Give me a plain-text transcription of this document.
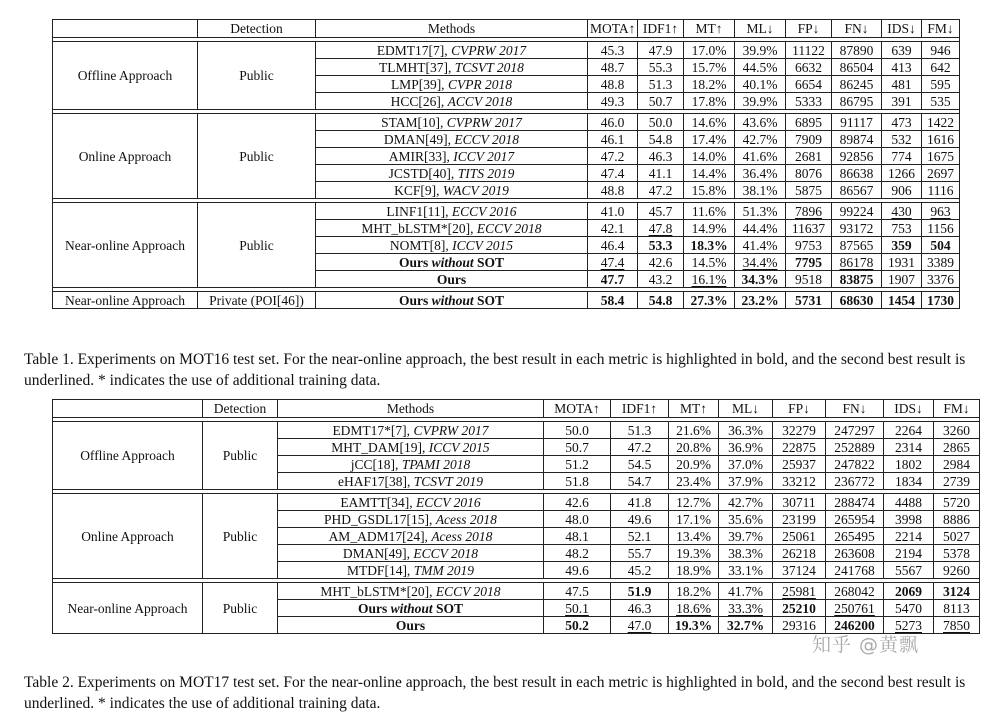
	Detection	Methods	MOTA↑	IDF1↑	MT↑	ML↓	FP↓	FN↓	IDS↓	FM↓

Offline Approach	Public	EDMT17[7], CVPRW 2017	45.3	47.9	17.0%	39.9%	11122	87890	639	946
		TLMHT[37], TCSVT 2018	48.7	55.3	15.7%	44.5%	6632	86504	413	642
		LMP[39], CVPR 2018	48.8	51.3	18.2%	40.1%	6654	86245	481	595
		HCC[26], ACCV 2018	49.3	50.7	17.8%	39.9%	5333	86795	391	535

Online Approach	Public	STAM[10], CVPRW 2017	46.0	50.0	14.6%	43.6%	6895	91117	473	1422
		DMAN[49], ECCV 2018	46.1	54.8	17.4%	42.7%	7909	89874	532	1616
		AMIR[33], ICCV 2017	47.2	46.3	14.0%	41.6%	2681	92856	774	1675
		JCSTD[40], TITS 2019	47.4	41.1	14.4%	36.4%	8076	86638	1266	2697
		KCF[9], WACV 2019	48.8	47.2	15.8%	38.1%	5875	86567	906	1116

Near-online Approach	Public	LINF1[11], ECCV 2016	41.0	45.7	11.6%	51.3%	7896	99224	430	963
		MHT_bLSTM*[20], ECCV 2018	42.1	47.8	14.9%	44.4%	11637	93172	753	1156
		NOMT[8], ICCV 2015	46.4	53.3	18.3%	41.4%	9753	87565	359	504
		Ours without SOT	47.4	42.6	14.5%	34.4%	7795	86178	1931	3389
		Ours	47.7	43.2	16.1%	34.3%	9518	83875	1907	3376

Near-online Approach	Private (POI[46])	Ours without SOT	58.4	54.8	27.3%	23.2%	5731	68630	1454	1730
	Detection	Methods	MOTA↑	IDF1↑	MT↑	ML↓	FP↓	FN↓	IDS↓	FM↓

Offline Approach	Public	EDMT17*[7], CVPRW 2017	50.0	51.3	21.6%	36.3%	32279	247297	2264	3260
		MHT_DAM[19], ICCV 2015	50.7	47.2	20.8%	36.9%	22875	252889	2314	2865
		jCC[18], TPAMI 2018	51.2	54.5	20.9%	37.0%	25937	247822	1802	2984
		eHAF17[38], TCSVT 2019	51.8	54.7	23.4%	37.9%	33212	236772	1834	2739

Online Approach	Public	EAMTT[34], ECCV 2016	42.6	41.8	12.7%	42.7%	30711	288474	4488	5720
		PHD_GSDL17[15], Acess 2018	48.0	49.6	17.1%	35.6%	23199	265954	3998	8886
		AM_ADM17[24], Acess 2018	48.1	52.1	13.4%	39.7%	25061	265495	2214	5027
		DMAN[49], ECCV 2018	48.2	55.7	19.3%	38.3%	26218	263608	2194	5378
		MTDF[14], TMM 2019	49.6	45.2	18.9%	33.1%	37124	241768	5567	9260

Near-online Approach	Public	MHT_bLSTM*[20], ECCV 2018	47.5	51.9	18.2%	41.7%	25981	268042	2069	3124
		Ours without SOT	50.1	46.3	18.6%	33.3%	25210	250761	5470	8113
		Ours	50.2	47.0	19.3%	32.7%	29316	246200	5273	7850
Table 1. Experiments on MOT16 test set. For the near-online approach, the best result in each metric is highlighted in bold, and the second best result is underlined. * indicates the use of additional training data.
Table 2. Experiments on MOT17 test set. For the near-online approach, the best result in each metric is highlighted in bold, and the second best result is underlined. * indicates the use of additional training data.
知乎 @黄飘
